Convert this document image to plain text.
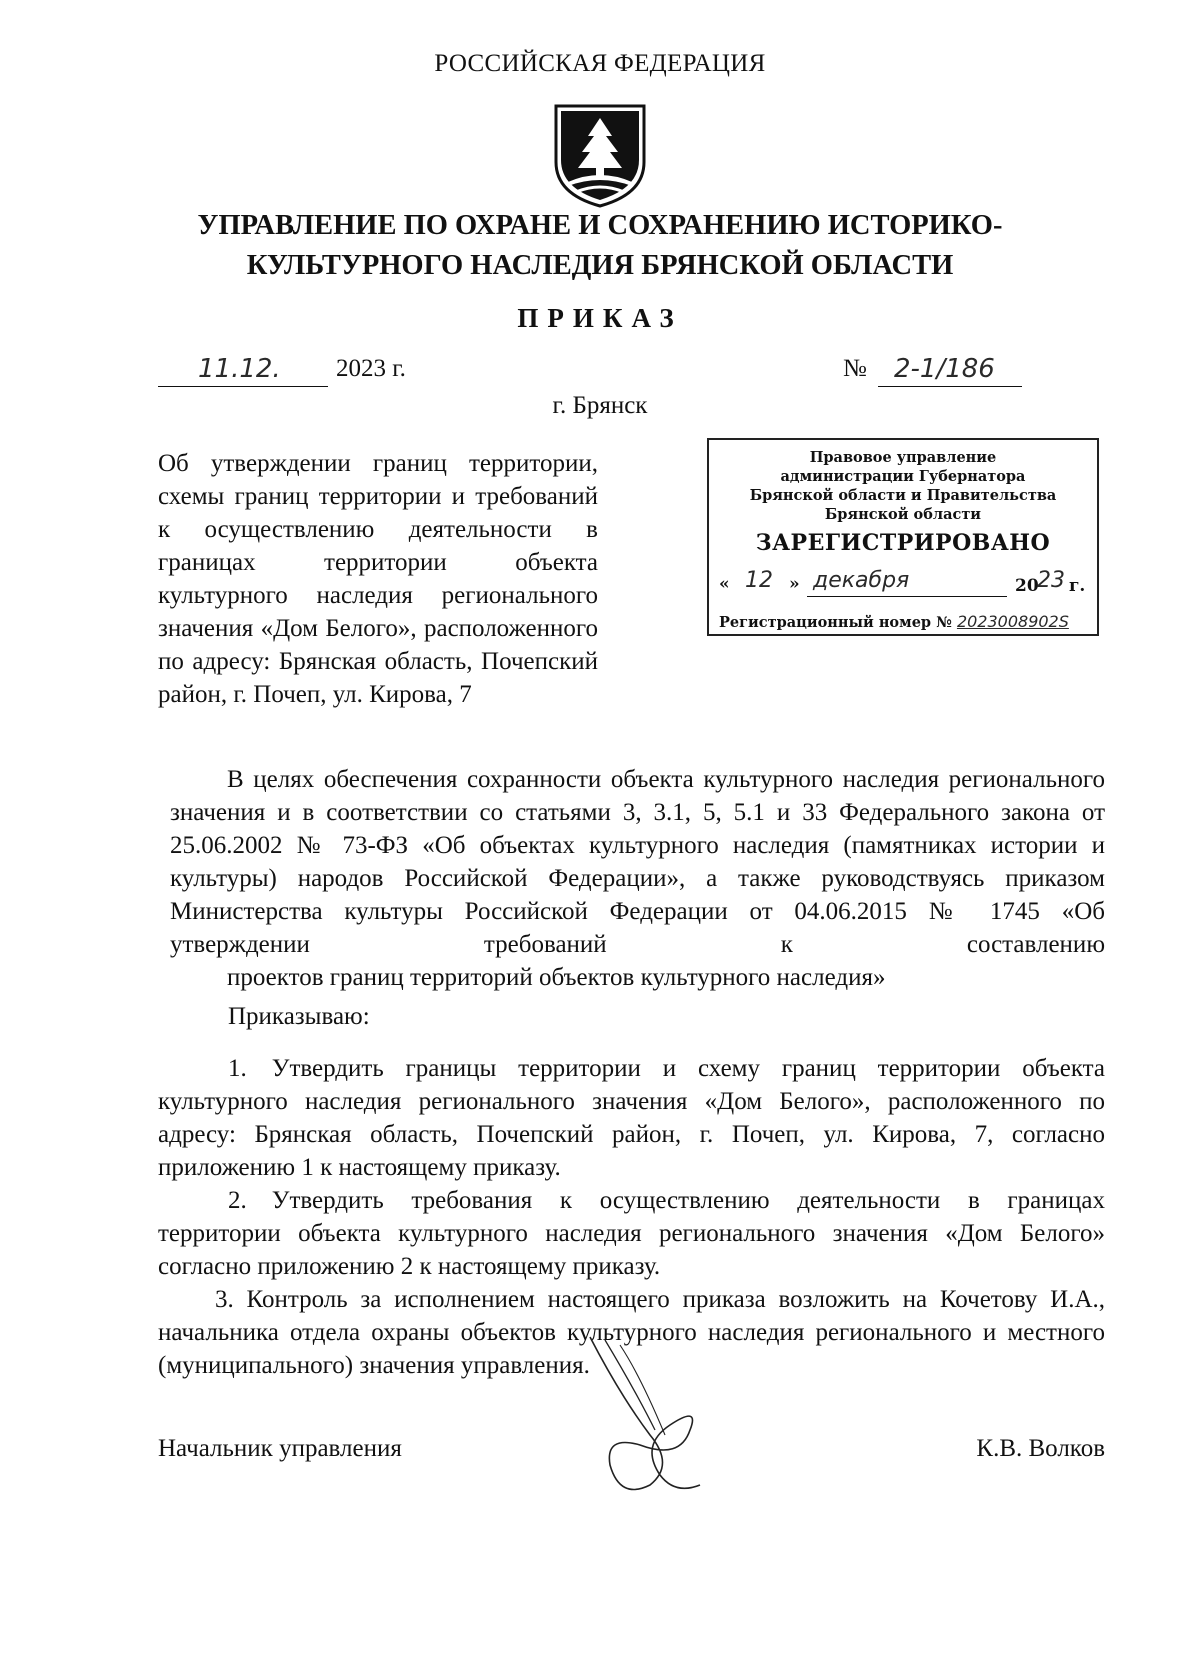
РОССИЙСКАЯ ФЕДЕРАЦИЯ
УПРАВЛЕНИЕ ПО ОХРАНЕ И СОХРАНЕНИЮ ИСТОРИКО-
КУЛЬТУРНОГО НАСЛЕДИЯ БРЯНСКОЙ ОБЛАСТИ
ПРИКАЗ
11.12. 2023 г.	№ 2-1/186
г. Брянск
Об утверждении границ территории, схемы границ территории и требований к осуществлению деятельности в границах территории объекта культурного наследия регионального значения «Дом Белого», расположенного по адресу: Брянская область, Почепский район, г. Почеп, ул. Кирова, 7
Правовое управление
администрации Губернатора
Брянской области и Правительства
Брянской области
ЗАРЕГИСТРИРОВАНО
« 12 » декабря	20
23 г.
Регистрационный номер № 2023008902S
В целях обеспечения сохранности объекта культурного наследия регионального значения и в соответствии со статьями 3, 3.1, 5, 5.1 и 33 Федерального закона от 25.06.2002 № 73-ФЗ «Об объектах культурного наследия (памятниках истории и культуры) народов Российской Федерации», а также руководствуясь приказом Министерства культуры Российской Федерации от 04.06.2015 № 1745 «Об утверждении требований к составлению
проектов границ территорий объектов культурного наследия»
Приказываю:

1. Утвердить границы территории и схему границ территории объекта культурного наследия регионального значения «Дом Белого», расположенного по адресу: Брянская область, Почепский район, г. Почеп, ул. Кирова, 7, согласно приложению 1 к настоящему приказу.

2. Утвердить требования к осуществлению деятельности в границах территории объекта культурного наследия регионального значения «Дом Белого» согласно приложению 2 к настоящему приказу.

3. Контроль за исполнением настоящего приказа возложить на Кочетову И.А., начальника отдела охраны объектов культурного наследия регионального и местного (муниципального) значения управления.

Начальник управления	К.В. Волков
